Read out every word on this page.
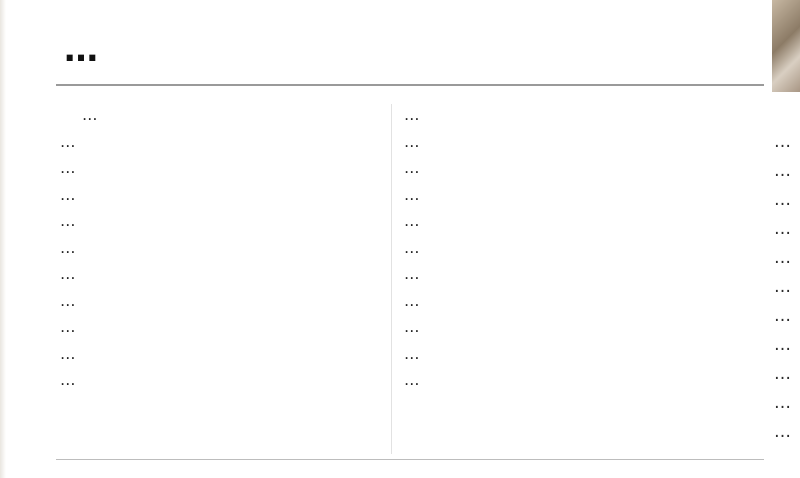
…
…
…
…
…
…
…
…
…
…
…
…
…
…
…
…
…
…
…
…
…
…
…
…
…
…
…
…
…
…
…
…
…
…
